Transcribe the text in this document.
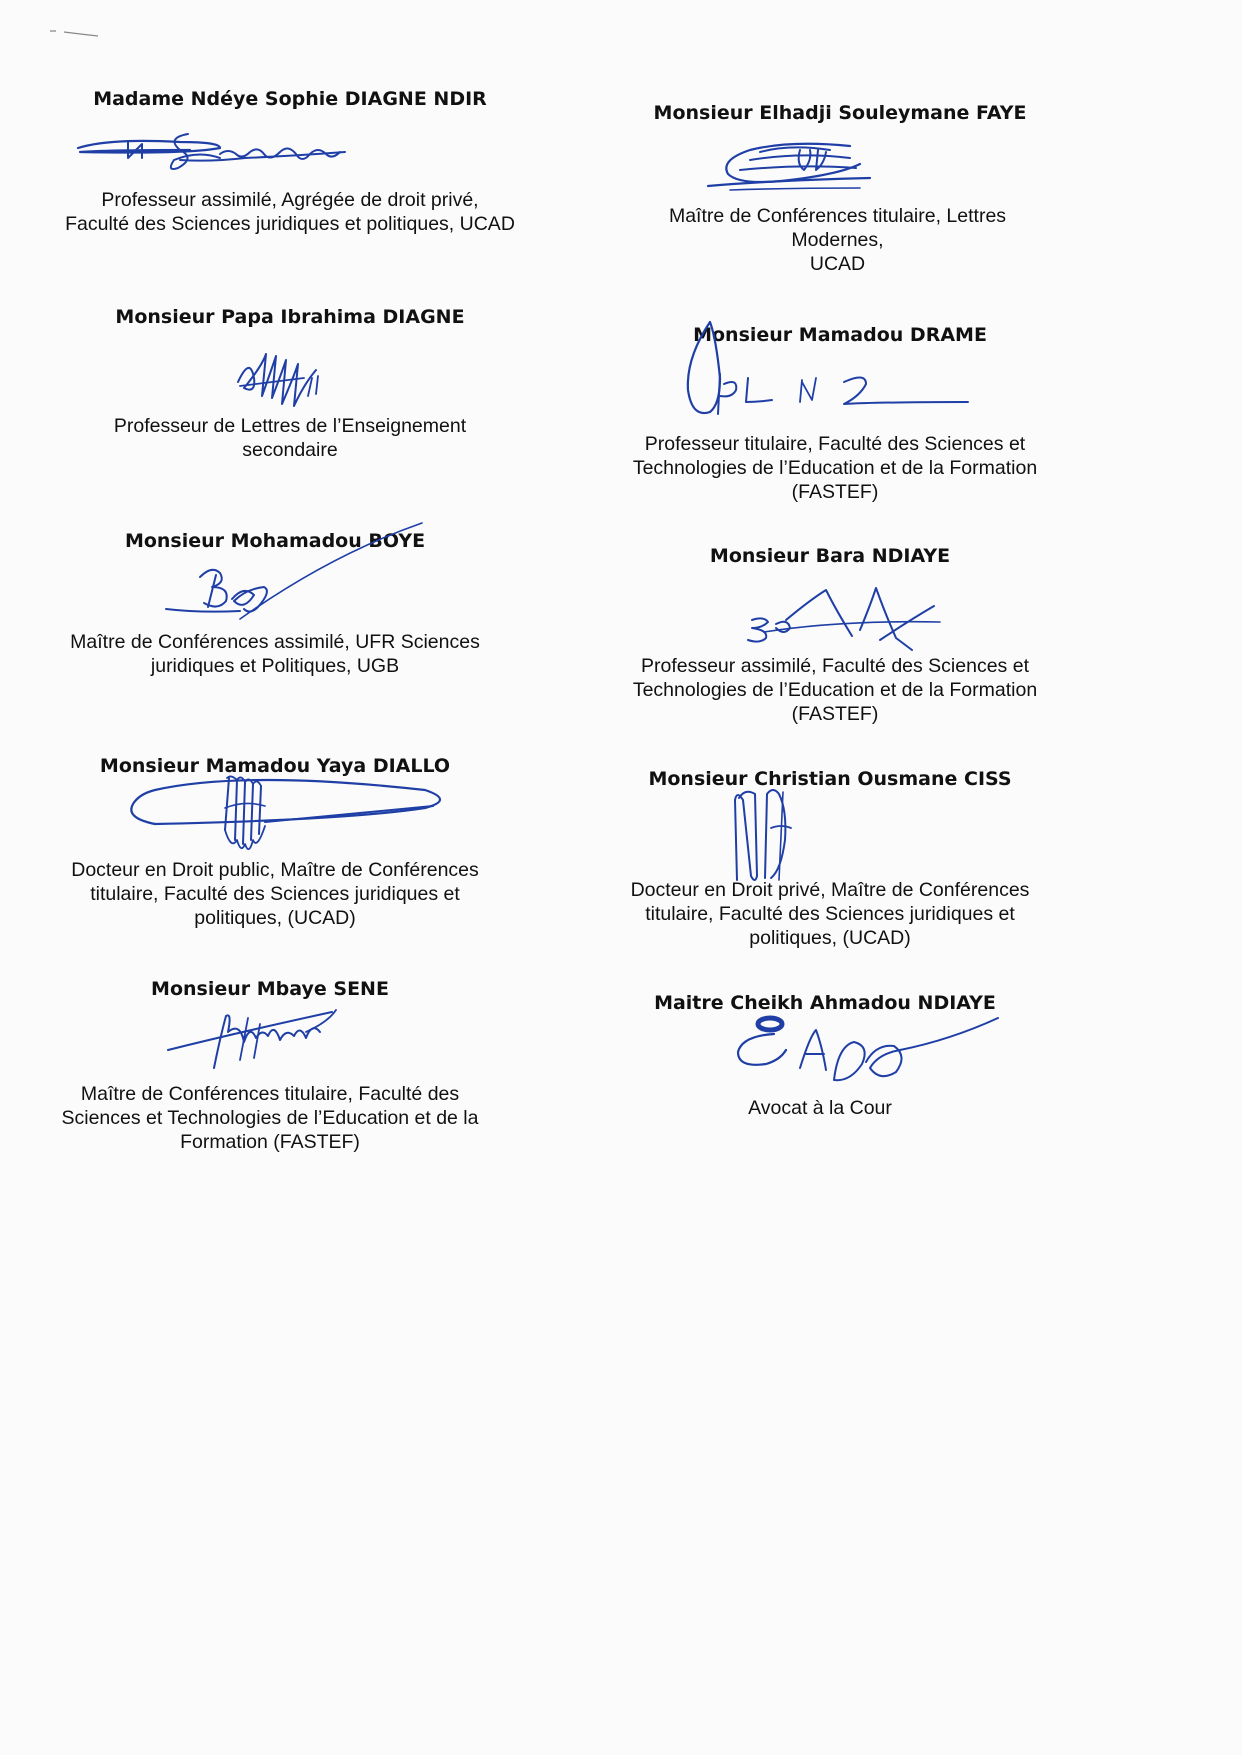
Madame Ndéye Sophie DIAGNE NDIR
Professeur assimilé, Agrégée de droit privé,
Faculté des Sciences juridiques et politiques, UCAD
Monsieur Papa Ibrahima DIAGNE
Professeur de Lettres de l’Enseignement
secondaire
Monsieur Mohamadou BOYE
Maître de Conférences assimilé, UFR Sciences
juridiques et Politiques, UGB
Monsieur Mamadou Yaya DIALLO
Docteur en Droit public, Maître de Conférences
titulaire, Faculté des Sciences juridiques et
politiques, (UCAD)
Monsieur Mbaye SENE
Maître de Conférences titulaire, Faculté des
Sciences et Technologies de l’Education et de la
Formation (FASTEF)
Monsieur Elhadji Souleymane FAYE
Maître de Conférences titulaire, Lettres Modernes,
UCAD
Monsieur Mamadou DRAME
Professeur titulaire, Faculté des Sciences et
Technologies de l’Education et de la Formation
(FASTEF)
Monsieur Bara NDIAYE
Professeur assimilé, Faculté des Sciences et
Technologies de l’Education et de la Formation
(FASTEF)
Monsieur Christian Ousmane CISS
Docteur en Droit privé, Maître de Conférences
titulaire, Faculté des Sciences juridiques et
politiques, (UCAD)
Maitre Cheikh Ahmadou NDIAYE
Avocat à la Cour
